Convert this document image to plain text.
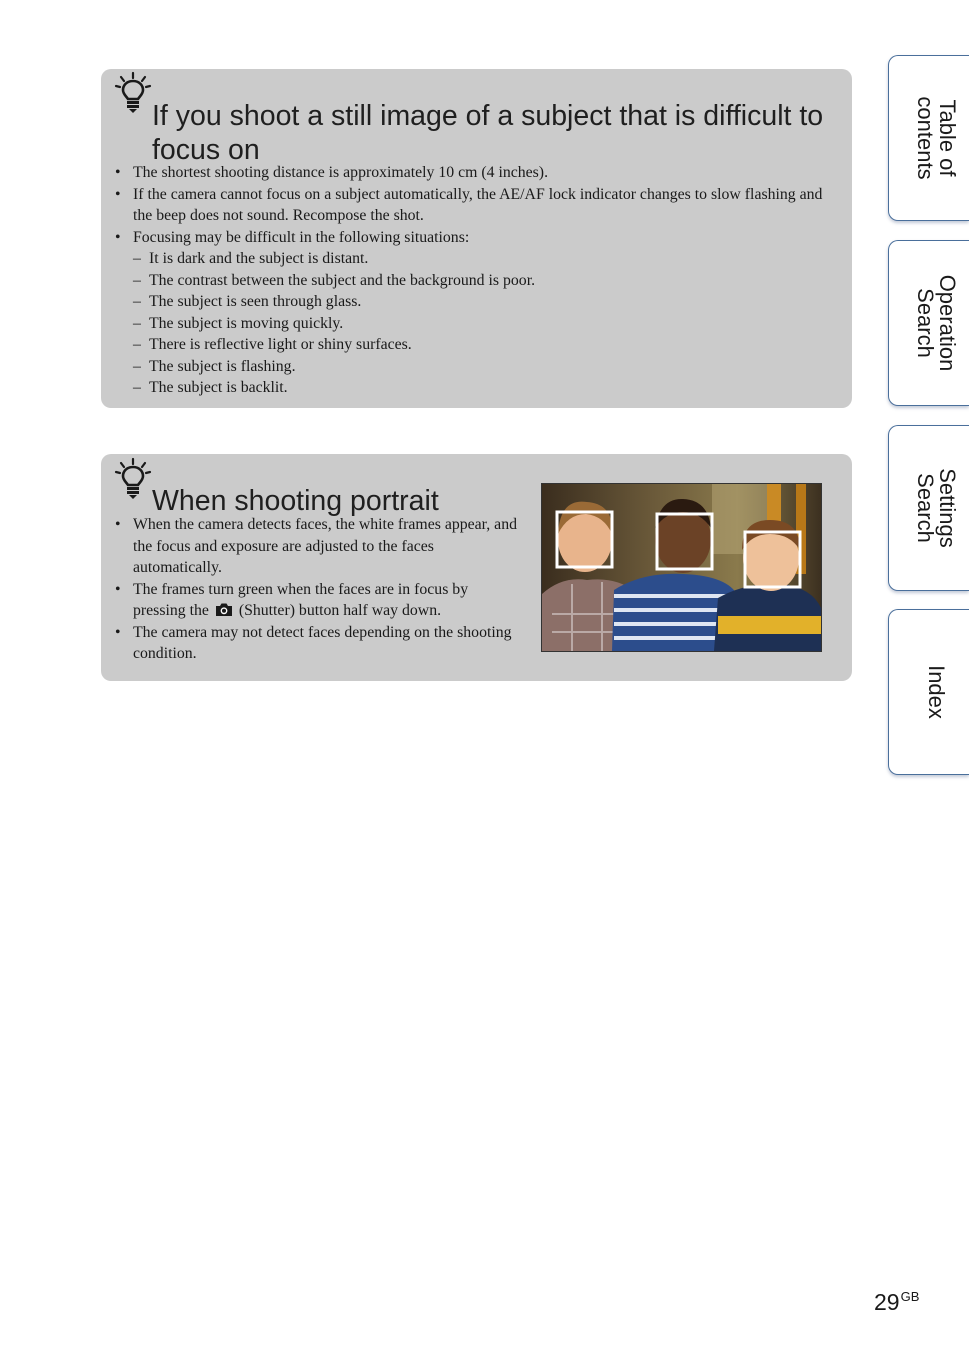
If you shoot a still image of a subject that is difficult to focus on
• The shortest shooting distance is approximately 10 cm (4 inches).
• If the camera cannot focus on a subject automatically, the AE/AF lock indicator changes to slow flashing and the beep does not sound. Recompose the shot.
• Focusing may be difficult in the following situations:
– It is dark and the subject is distant.
– The contrast between the subject and the background is poor.
– The subject is seen through glass.
– The subject is moving quickly.
– There is reflective light or shiny surfaces.
– The subject is flashing.
– The subject is backlit.
When shooting portrait
• When the camera detects faces, the white frames appear, and the focus and exposure are adjusted to the faces automatically.
• The frames turn green when the faces are in focus by pressing the (Shutter) button half way down.
• The camera may not detect faces depending on the shooting condition.
Table of
contents
Operation
Search
Settings
Search
Index
$29^{GB}$
